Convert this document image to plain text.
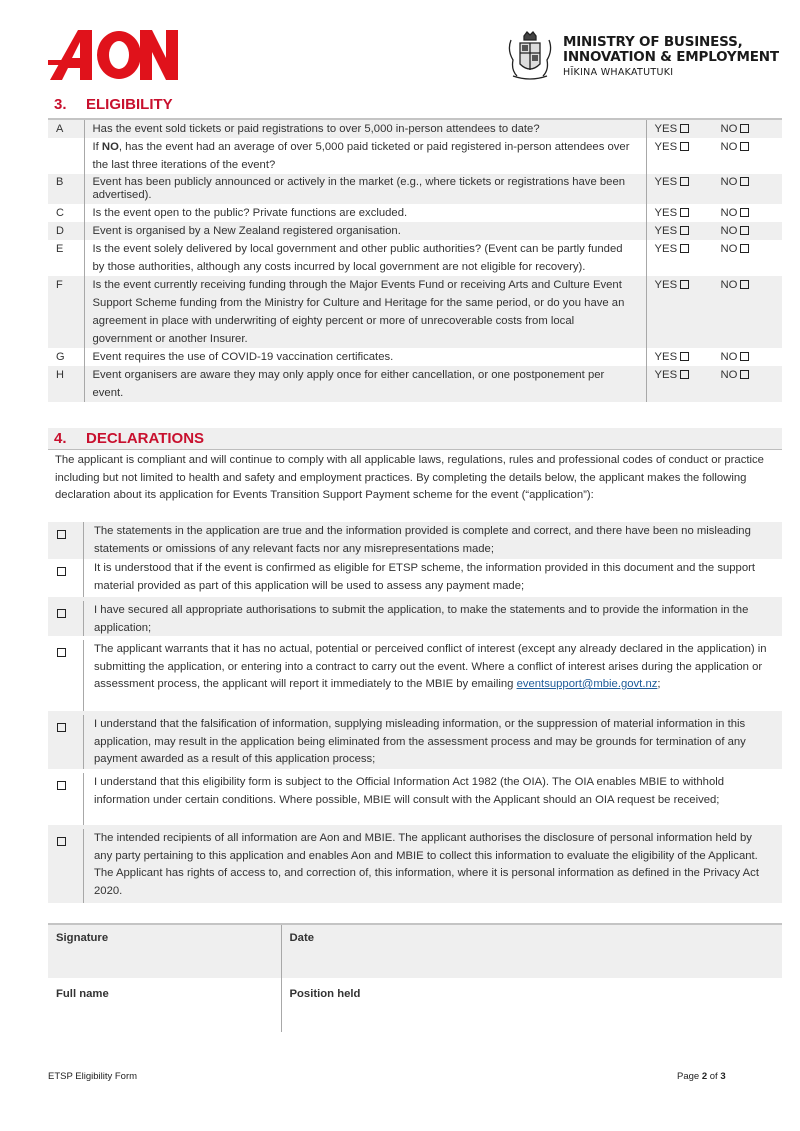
MINISTRY OF BUSINESS,
INNOVATION & EMPLOYMENT
HĪKINA WHAKATUTUKI
3.	ELIGIBILITY
A	Has the event sold tickets or paid registrations to over 5,000 in-person attendees to date?	YES NO
	If NO, has the event had an average of over 5,000 paid ticketed or paid registered in-person attendees over the last three iterations of the event?	YES NO
B	Event has been publicly announced or actively in the market (e.g., where tickets or registrations have been advertised).	YES NO
C	Is the event open to the public? Private functions are excluded.	YES NO
D	Event is organised by a New Zealand registered organisation.	YES NO
E	Is the event solely delivered by local government and other public authorities? (Event can be partly funded by those authorities, although any costs incurred by local government are not eligible for recovery).	YES NO
F	Is the event currently receiving funding through the Major Events Fund or receiving Arts and Culture Event Support Scheme funding from the Ministry for Culture and Heritage for the same period, or do you have an agreement in place with underwriting of eighty percent or more of unrecoverable costs from local government or another Insurer.	YES NO
G	Event requires the use of COVID-19 vaccination certificates.	YES NO
H	Event organisers are aware they may only apply once for either cancellation, or one postponement per event.	YES NO
4.	DECLARATIONS
The applicant is compliant and will continue to comply with all applicable laws, regulations, rules and professional codes of conduct or practice including but not limited to health and safety and employment practices. By completing the details below, the applicant makes the following declaration about its application for Events Transition Support Payment scheme for the event (“application”):
The statements in the application are true and the information provided is complete and correct, and there have been no misleading statements or omissions of any relevant facts nor any misrepresentations made;
It is understood that if the event is confirmed as eligible for ETSP scheme, the information provided in this document and the support material provided as part of this application will be used to assess any payment made;
I have secured all appropriate authorisations to submit the application, to make the statements and to provide the information in the application;
The applicant warrants that it has no actual, potential or perceived conflict of interest (except any already declared in the application) in submitting the application, or entering into a contract to carry out the event. Where a conflict of interest arises during the application or assessment process, the applicant will report it immediately to the MBIE by emailing eventsupport@mbie.govt.nz;
I understand that the falsification of information, supplying misleading information, or the suppression of material information in this application, may result in the application being eliminated from the assessment process and may be grounds for termination of any payment awarded as a result of this application process;
I understand that this eligibility form is subject to the Official Information Act 1982 (the OIA). The OIA enables MBIE to withhold information under certain conditions. Where possible, MBIE will consult with the Applicant should an OIA request be received;
The intended recipients of all information are Aon and MBIE. The applicant authorises the disclosure of personal information held by any party pertaining to this application and enables Aon and MBIE to collect this information to evaluate the eligibility of the Applicant. The Applicant has rights of access to, and correction of, this information, where it is personal information as defined in the Privacy Act 2020.
Signature	Date
Full name	Position held
ETSP Eligibility Form	Page 2 of 3
